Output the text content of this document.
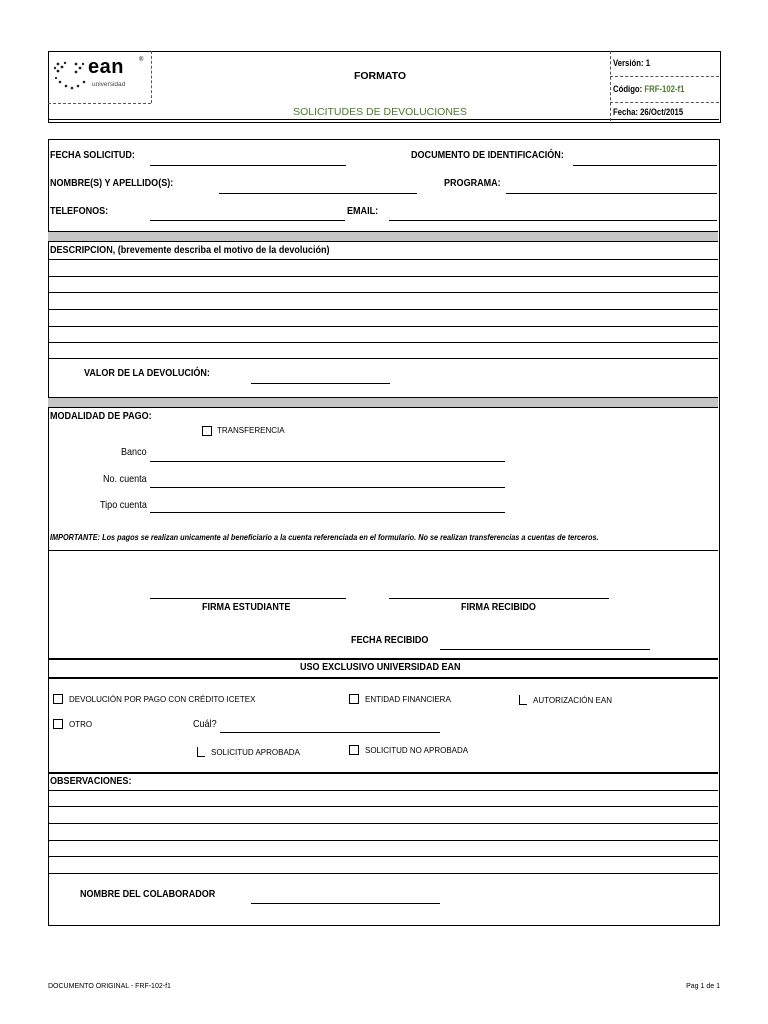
ean	®
universidad
FORMATO
SOLICITUDES DE DEVOLUCIONES
Versión: 1
Código: FRF-102-f1
Fecha: 26/Oct/2015
FECHA SOLICITUD:	DOCUMENTO DE IDENTIFICACIÓN:
NOMBRE(S) Y APELLIDO(S):	PROGRAMA:
TELEFONOS:	EMAIL:
DESCRIPCION, (brevemente describa el motivo de la devolución)
VALOR DE LA DEVOLUCIÓN:
MODALIDAD DE PAGO:
TRANSFERENCIA
Banco
No. cuenta
Tipo cuenta
IMPORTANTE: Los pagos se realizan unicamente al beneficiario a la cuenta referenciada en el formulario. No se realizan transferencias a cuentas de terceros.
FIRMA ESTUDIANTE	FIRMA RECIBIDO
FECHA RECIBIDO
USO EXCLUSIVO UNIVERSIDAD EAN
DEVOLUCIÓN POR PAGO CON CRÉDITO ICETEX	ENTIDAD FINANCIERA	AUTORIZACIÓN EAN
OTRO	Cuál?
SOLICITUD APROBADA	SOLICITUD NO APROBADA
OBSERVACIONES:
NOMBRE DEL COLABORADOR
DOCUMENTO ORIGINAL - FRF-102-f1	Pag 1 de 1
